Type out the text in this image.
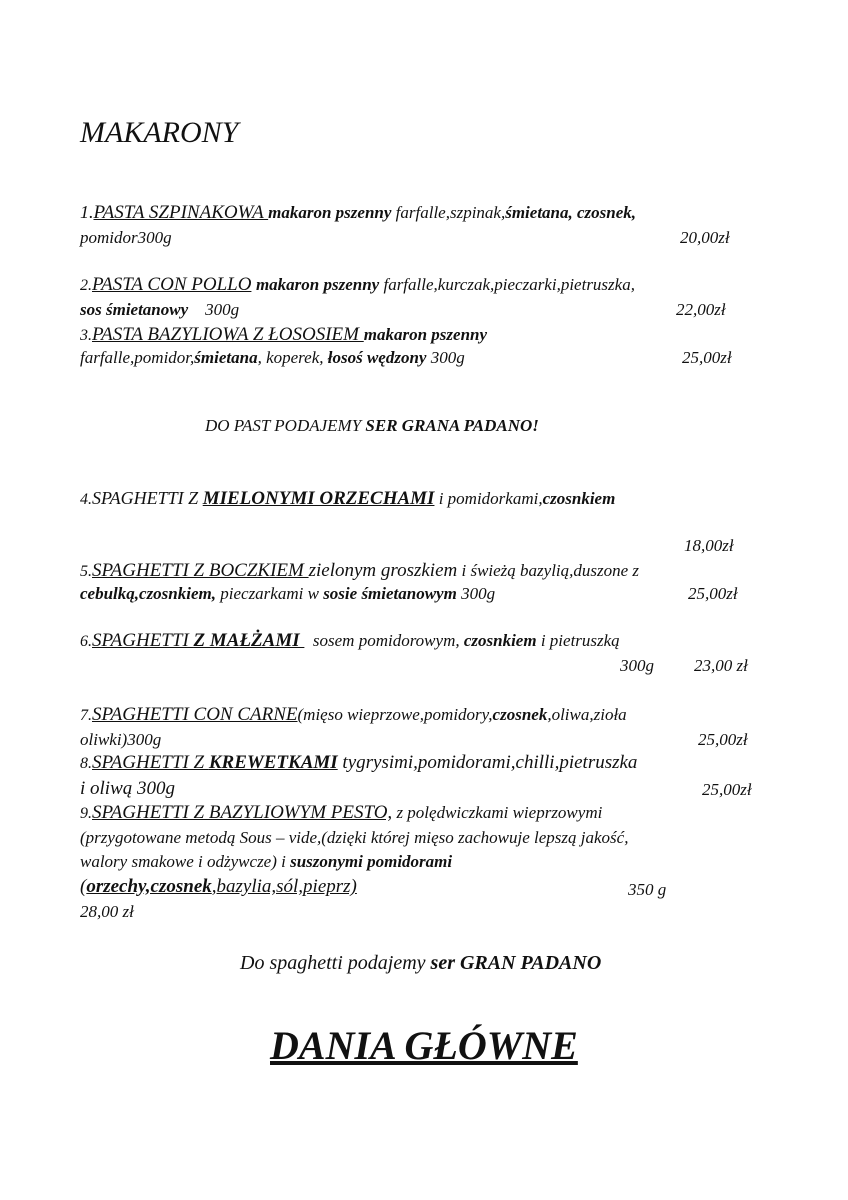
MAKARONY
1.PASTA SZPINAKOWA makaron pszenny farfalle,szpinak,śmietana, czosnek,
pomidor300g	20,00zł
2.PASTA CON POLLO makaron pszenny farfalle,kurczak,pieczarki,pietruszka,
sos śmietanowy    300g	22,00zł
3.PASTA BAZYLIOWA Z ŁOSOSIEM makaron pszenny
farfalle,pomidor,śmietana, koperek, łosoś wędzony 300g	25,00zł
DO PAST PODAJEMY SER GRANA PADANO!
4.SPAGHETTI Z MIELONYMI ORZECHAMI i pomidorkami,czosnkiem
18,00zł
5.SPAGHETTI Z BOCZKIEM zielonym groszkiem i świeżą bazylią,duszone z
cebulką,czosnkiem, pieczarkami w sosie śmietanowym 300g	25,00zł
6.SPAGHETTI Z MAŁŻAMI   sosem pomidorowym, czosnkiem i pietruszką
300g 23,00 zł
7.SPAGHETTI CON CARNE(mięso wieprzowe,pomidory,czosnek,oliwa,zioła
oliwki)300g	25,00zł
8.SPAGHETTI Z KREWETKAMI tygrysimi,pomidorami,chilli,pietruszka
i oliwą 300g	25,00zł
9.SPAGHETTI Z BAZYLIOWYM PESTO, z polędwiczkami wieprzowymi
(przygotowane metodą Sous – vide,(dzięki której mięso zachowuje lepszą jakość,
walory smakowe i odżywcze) i suszonymi pomidorami
(orzechy,czosnek,bazylia,sól,pieprz)	350 g
28,00 zł
Do spaghetti podajemy ser GRAN PADANO
DANIA GŁÓWNE
